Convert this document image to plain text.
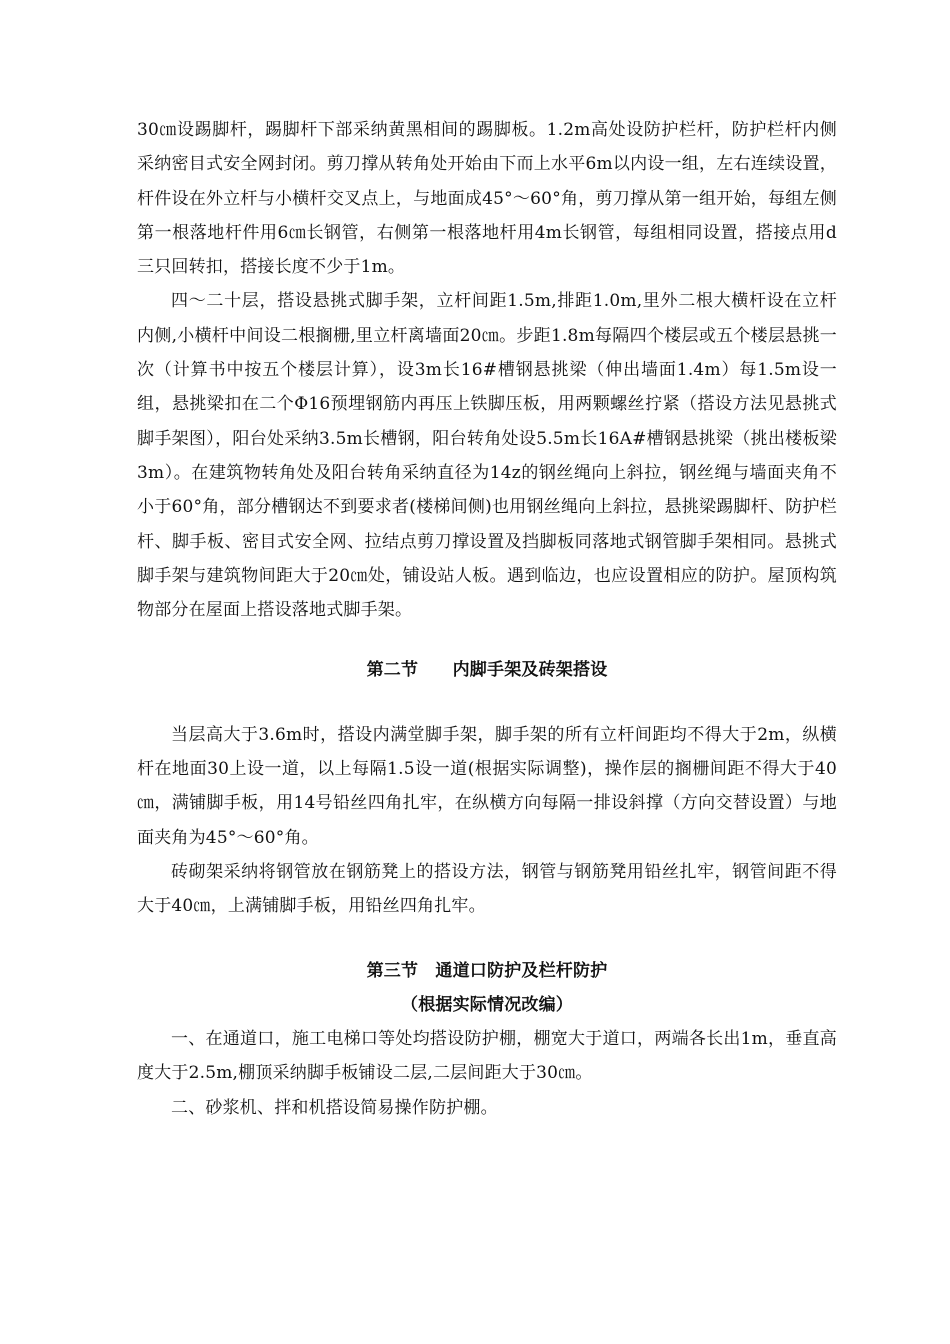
30㎝设踢脚杆，踢脚杆下部采纳黄黑相间的踢脚板。1.2m高处设防护栏杆，防护栏杆内侧采纳密目式安全网封闭。剪刀撑从转角处开始由下而上水平6m以内设一组，左右连续设置，杆件设在外立杆与小横杆交叉点上，与地面成45°～60°角，剪刀撑从第一组开始，每组左侧第一根落地杆件用6㎝长钢管，右侧第一根落地杆用4m长钢管，每组相同设置，搭接点用d三只回转扣，搭接长度不少于1m。

四～二十层，搭设悬挑式脚手架，立杆间距1.5m,排距1.0m,里外二根大横杆设在立杆内侧,小横杆中间设二根搁栅,里立杆离墙面20㎝。步距1.8m每隔四个楼层或五个楼层悬挑一次（计算书中按五个楼层计算），设3m长16#槽钢悬挑梁（伸出墙面1.4m）每1.5m设一组，悬挑梁扣在二个Φ16预埋钢筋内再压上铁脚压板，用两颗螺丝拧紧（搭设方法见悬挑式脚手架图），阳台处采纳3.5m长槽钢，阳台转角处设5.5m长16A#槽钢悬挑梁（挑出楼板梁3m）。在建筑物转角处及阳台转角采纳直径为14z的钢丝绳向上斜拉，钢丝绳与墙面夹角不小于60°角，部分槽钢达不到要求者(楼梯间侧)也用钢丝绳向上斜拉，悬挑梁踢脚杆、防护栏杆、脚手板、密目式安全网、拉结点剪刀撑设置及挡脚板同落地式钢管脚手架相同。悬挑式脚手架与建筑物间距大于20㎝处，铺设站人板。遇到临边，也应设置相应的防护。屋顶构筑物部分在屋面上搭设落地式脚手架。

第二节　　内脚手架及砖架搭设

当层高大于3.6m时，搭设内满堂脚手架，脚手架的所有立杆间距均不得大于2m，纵横杆在地面30上设一道，以上每隔1.5设一道(根据实际调整)，操作层的搁栅间距不得大于40㎝，满铺脚手板，用14号铅丝四角扎牢，在纵横方向每隔一排设斜撑（方向交替设置）与地面夹角为45°～60°角。

砖砌架采纳将钢管放在钢筋凳上的搭设方法，钢管与钢筋凳用铅丝扎牢，钢管间距不得大于40㎝，上满铺脚手板，用铅丝四角扎牢。

第三节　通道口防护及栏杆防护
（根据实际情况改编）

一、在通道口，施工电梯口等处均搭设防护棚，棚宽大于道口，两端各长出1m，垂直高度大于2.5m,棚顶采纳脚手板铺设二层,二层间距大于30㎝。

二、砂浆机、拌和机搭设简易操作防护棚。
